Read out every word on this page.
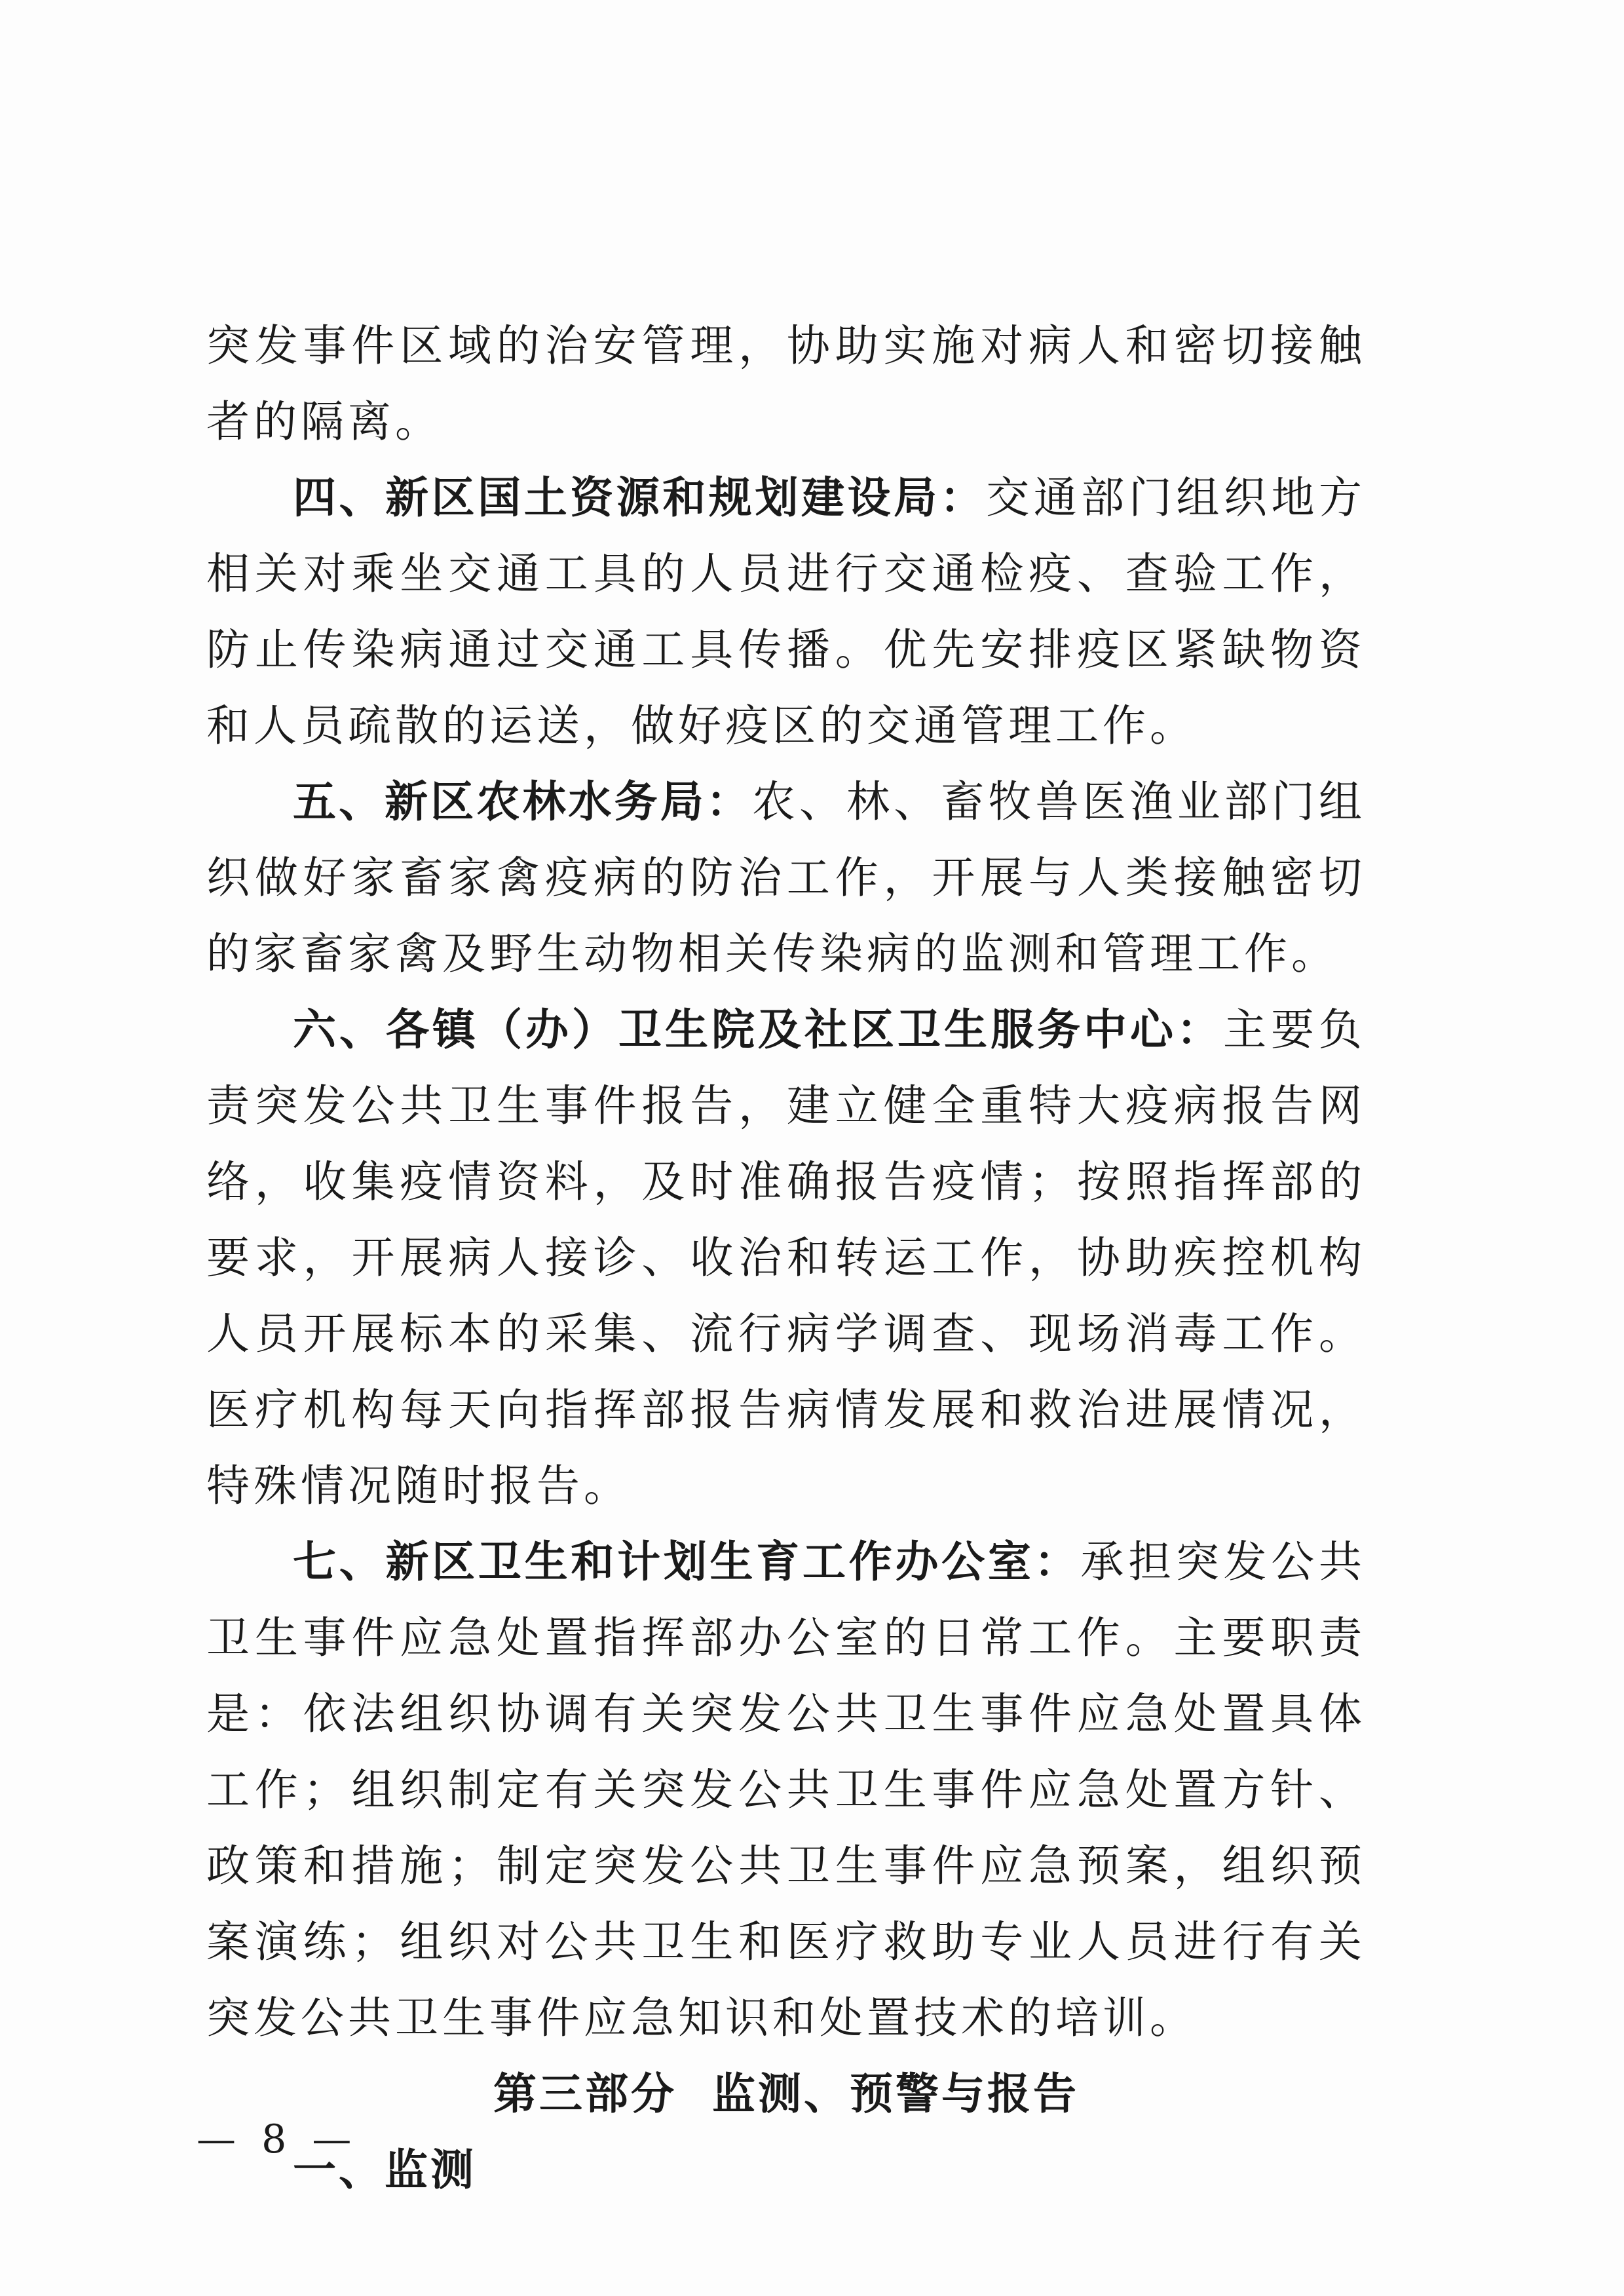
突发事件区域的治安管理，协助实施对病人和密切接触者的隔离。

四、新区国土资源和规划建设局：交通部门组织地方相关对乘坐交通工具的人员进行交通检疫、查验工作，防止传染病通过交通工具传播。优先安排疫区紧缺物资和人员疏散的运送，做好疫区的交通管理工作。

五、新区农林水务局：农、林、畜牧兽医渔业部门组织做好家畜家禽疫病的防治工作，开展与人类接触密切的家畜家禽及野生动物相关传染病的监测和管理工作。

六、各镇（办）卫生院及社区卫生服务中心：主要负责突发公共卫生事件报告，建立健全重特大疫病报告网络，收集疫情资料，及时准确报告疫情；按照指挥部的要求，开展病人接诊、收治和转运工作，协助疾控机构人员开展标本的采集、流行病学调查、现场消毒工作。医疗机构每天向指挥部报告病情发展和救治进展情况，特殊情况随时报告。

七、新区卫生和计划生育工作办公室：承担突发公共卫生事件应急处置指挥部办公室的日常工作。主要职责是：依法组织协调有关突发公共卫生事件应急处置具体工作；组织制定有关突发公共卫生事件应急处置方针、政策和措施；制定突发公共卫生事件应急预案，组织预案演练；组织对公共卫生和医疗救助专业人员进行有关突发公共卫生事件应急知识和处置技术的培训。

第三部分  监测、预警与报告

一、监测

— 8 —
